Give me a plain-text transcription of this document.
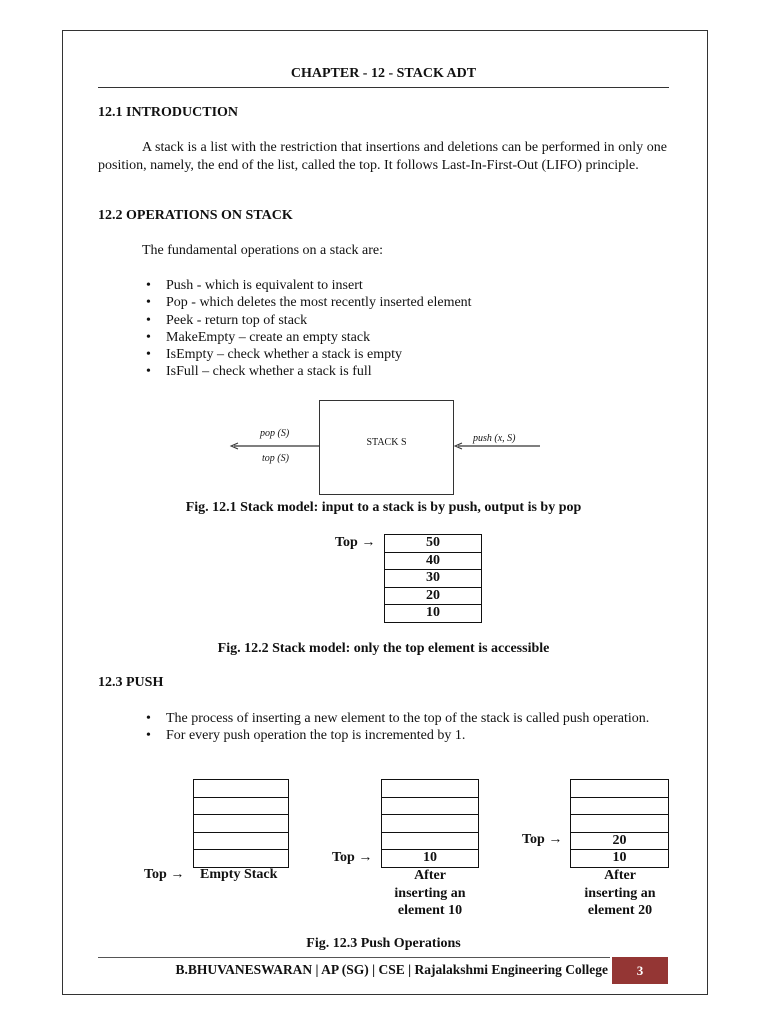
CHAPTER - 12 - STACK ADT
12.1 INTRODUCTION
A stack is a list with the restriction that insertions and deletions can be performed in only one position, namely, the end of the list, called the top. It follows Last-In-First-Out (LIFO) principle.
12.2 OPERATIONS ON STACK
The fundamental operations on a stack are:
• Push - which is equivalent to insert
• Pop - which deletes the most recently inserted element
• Peek - return top of stack
• MakeEmpty – create an empty stack
• IsEmpty – check whether a stack is empty
• IsFull – check whether a stack is full
STACK S
pop (S)
top (S)
push (x, S)
Fig. 12.1 Stack model: input to a stack is by push, output is by pop
Top →	50
40
30
20
10
Fig. 12.2 Stack model: only the top element is accessible
12.3 PUSH
• The process of inserting a new element to the top of the stack is called push operation.
• For every push operation the top is incremented by 1.
Top → Empty Stack
10
Top →
After
inserting an
element 10
20
10
Top →
After
inserting an
element 20
Fig. 12.3 Push Operations
B.BHUVANESWARAN | AP (SG) | CSE | Rajalakshmi Engineering College	3
